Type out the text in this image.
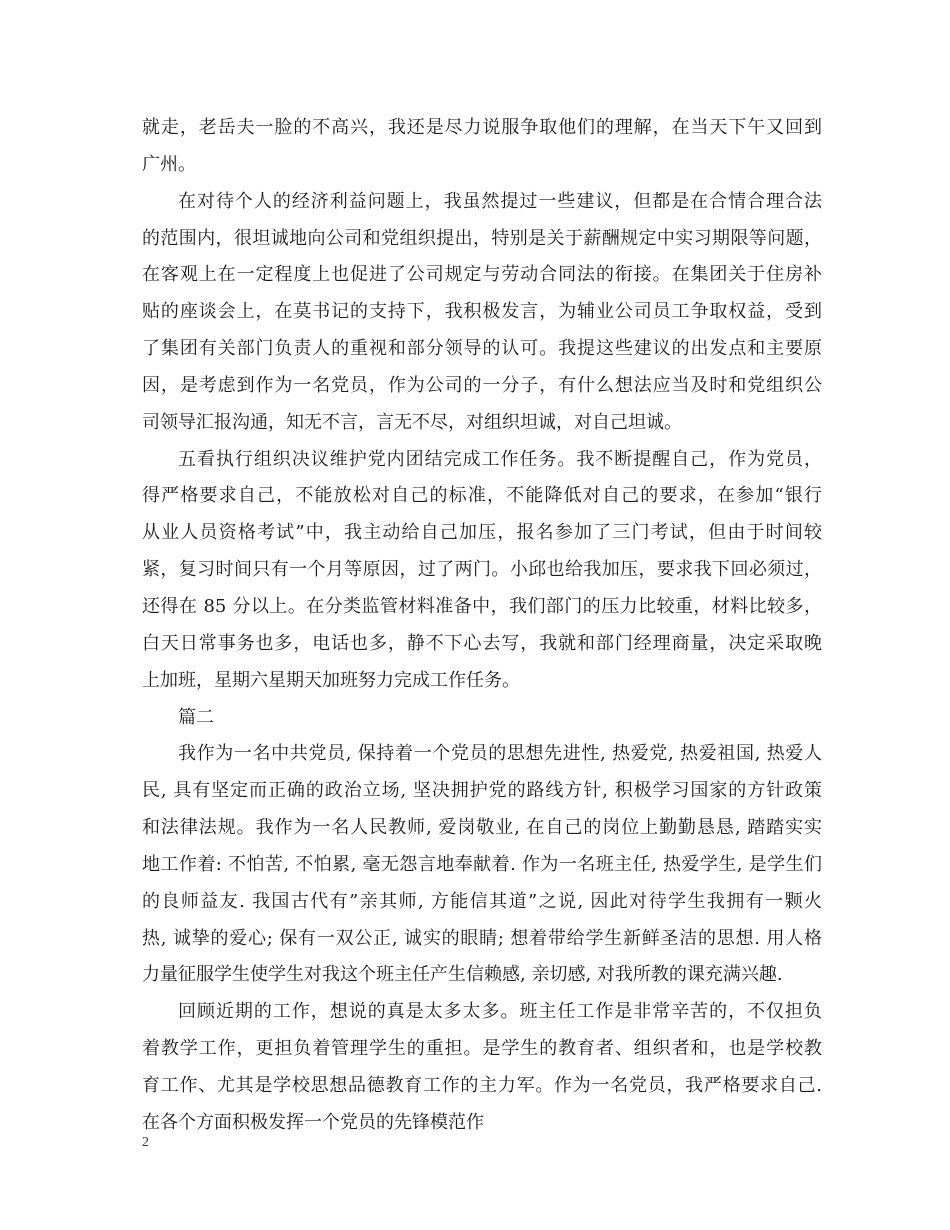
就走，老岳夫一脸的不高兴，我还是尽力说服争取他们的理解，在当天下午又回到
广州。
在对待个人的经济利益问题上，我虽然提过一些建议，但都是在合情合理合法
的范围内，很坦诚地向公司和党组织提出，特别是关于薪酬规定中实习期限等问题，
在客观上在一定程度上也促进了公司规定与劳动合同法的衔接。在集团关于住房补
贴的座谈会上，在莫书记的支持下，我积极发言，为辅业公司员工争取权益，受到
了集团有关部门负责人的重视和部分领导的认可。我提这些建议的出发点和主要原
因，是考虑到作为一名党员，作为公司的一分子，有什么想法应当及时和党组织公
司领导汇报沟通，知无不言，言无不尽，对组织坦诚，对自己坦诚。
五看执行组织决议维护党内团结完成工作任务。我不断提醒自己，作为党员，
得严格要求自己，不能放松对自己的标准，不能降低对自己的要求，在参加“银行
从业人员资格考试”中，我主动给自己加压，报名参加了三门考试，但由于时间较
紧，复习时间只有一个月等原因，过了两门。小邱也给我加压，要求我下回必须过，
还得在 85 分以上。在分类监管材料准备中，我们部门的压力比较重，材料比较多，
白天日常事务也多，电话也多，静不下心去写，我就和部门经理商量，决定采取晚
上加班，星期六星期天加班努力完成工作任务。
篇二
我作为一名中共党员, 保持着一个党员的思想先进性, 热爱党, 热爱祖国, 热爱人
民, 具有坚定而正确的政治立场, 坚决拥护党的路线方针, 积极学习国家的方针政策
和法律法规。我作为一名人民教师, 爱岗敬业, 在自己的岗位上勤勤恳恳, 踏踏实实
地工作着: 不怕苦, 不怕累, 毫无怨言地奉献着. 作为一名班主任, 热爱学生, 是学生们
的良师益友. 我国古代有”亲其师, 方能信其道”之说, 因此对待学生我拥有一颗火
热, 诚挚的爱心; 保有一双公正, 诚实的眼睛; 想着带给学生新鲜圣洁的思想. 用人格
力量征服学生使学生对我这个班主任产生信赖感, 亲切感, 对我所教的课充满兴趣.
回顾近期的工作，想说的真是太多太多。班主任工作是非常辛苦的，不仅担负
着教学工作，更担负着管理学生的重担。是学生的教育者、组织者和，也是学校教
育工作、尤其是学校思想品德教育工作的主力军。作为一名党员，我严格要求自己.
在各个方面积极发挥一个党员的先锋模范作
2
